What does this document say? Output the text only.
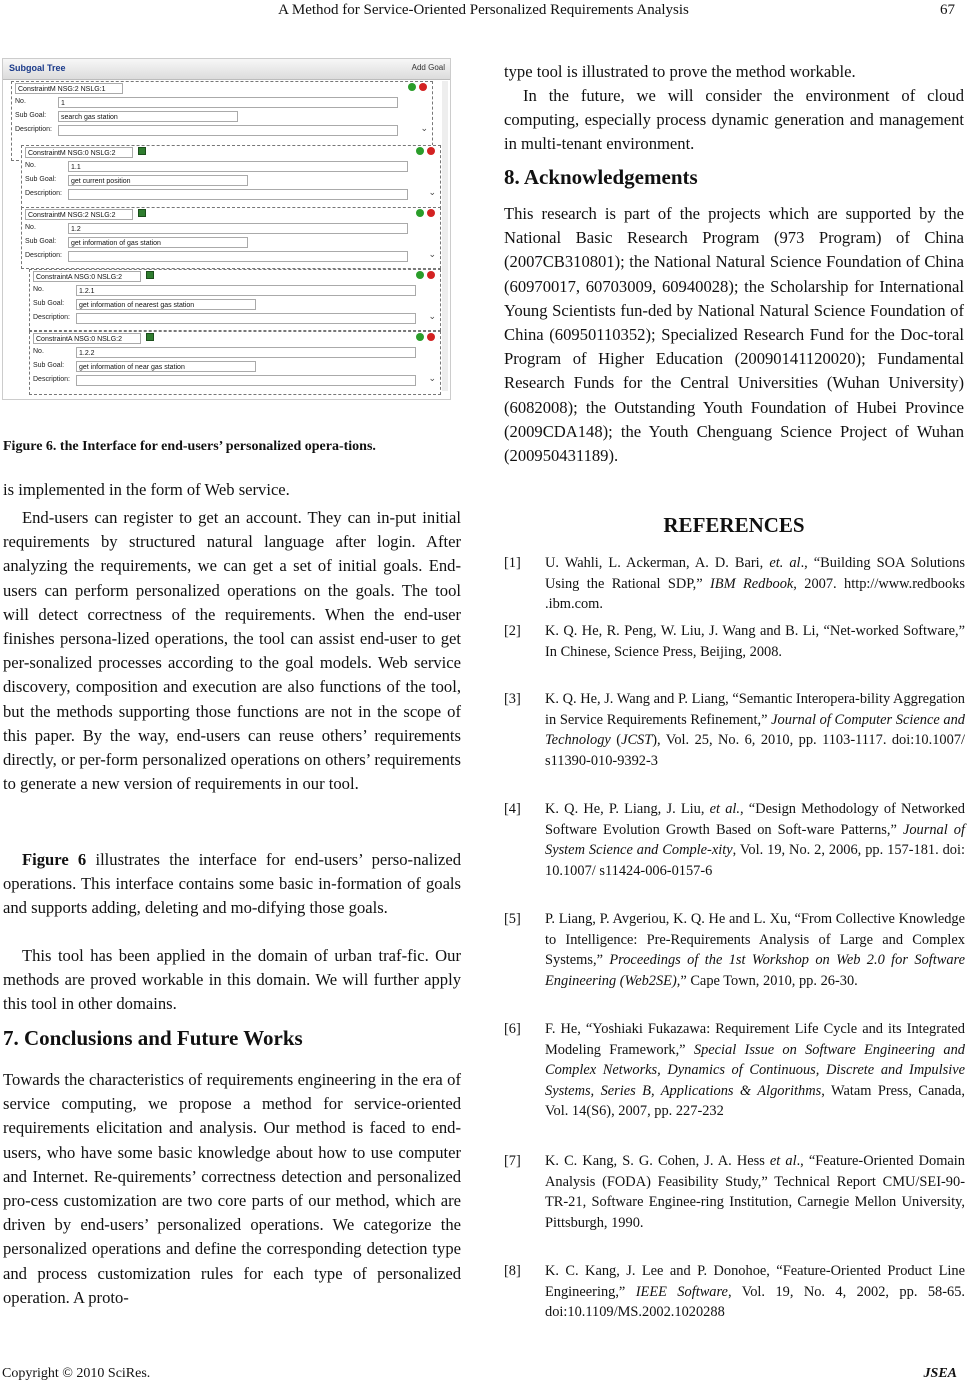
A Method for Service-Oriented Personalized Requirements Analysis	67
Subgoal Tree	Add Goal
ConstraintM NSG:2 NSLG:1
No.	1
Sub Goal:	search gas station
Description:	⌄
ConstraintM NSG:0 NSLG:2
No.	1.1
Sub Goal:	get current position
Description:	⌄
ConstraintM NSG:2 NSLG:2
No.	1.2
Sub Goal:	get information of gas station
Description:	⌄
ConstraintA NSG:0 NSLG:2
No.	1.2.1
Sub Goal:	get information of nearest gas station
Description:	⌄
ConstraintA NSG:0 NSLG:2
No.	1.2.2
Sub Goal:	get information of near gas station
Description:	⌄
Figure 6. the Interface for end-users’ personalized opera-tions.

is implemented in the form of Web service.

End-users can register to get an account. They can in-put initial requirements by structured natural language after login. After analyzing the requirements, we can get a set of initial goals. End-users can perform personalized operations on the goals. The tool will detect correctness of the requirements. When the end-user finishes persona-lized operations, the tool can assist end-user to get per-sonalized processes according to the goal models. Web service discovery, composition and execution are also functions of the tool, but the methods supporting those functions are not in the scope of this paper. By the way, end-users can reuse others’ requirements directly, or per-form personalized operations on others’ requirements to generate a new version of requirements in our tool.

Figure 6 illustrates the interface for end-users’ perso-nalized operations. This interface contains some basic in-formation of goals and supports adding, deleting and mo-difying those goals.

This tool has been applied in the domain of urban traf-fic. Our methods are proved workable in this domain. We will further apply this tool in other domains.

7. Conclusions and Future Works

Towards the characteristics of requirements engineering in the era of service computing, we propose a method for service-oriented requirements elicitation and analysis. Our method is faced to end-users, who have some basic knowledge about how to use computer and Internet. Re-quirements’ correctness detection and personalized pro-cess customization are two core parts of our method, which are driven by end-users’ personalized operations. We categorize the personalized operations and define the corresponding detection type and process customization rules for each type of personalized operation. A proto-

type tool is illustrated to prove the method workable.

In the future, we will consider the environment of cloud computing, especially process dynamic generation and management in multi-tenant environment.

8. Acknowledgements

This research is part of the projects which are supported by the National Basic Research Program (973 Program) of China (2007CB310801); the National Natural Science Foundation of China (60970017, 60703009, 60940028); the Scholarship for International Young Scientists fun-ded by National Natural Science Foundation of China (60950110352); Specialized Research Fund for the Doc-toral Program of Higher Education (20090141120020); Fundamental Research Funds for the Central Universities (Wuhan University) (6082008); the Outstanding Youth Foundation of Hubei Province (2009CDA148); the Youth Chenguang Science Project of Wuhan (200950431189).

REFERENCES
[1] U. Wahli, L. Ackerman, A. D. Bari, et. al., “Building SOA Solutions Using the Rational SDP,” IBM Redbook, 2007. http://www.redbooks .ibm.com.
[2] K. Q. He, R. Peng, W. Liu, J. Wang and B. Li, “Net-worked Software,” In Chinese, Science Press, Beijing, 2008.
[3] K. Q. He, J. Wang and P. Liang, “Semantic Interopera-bility Aggregation in Service Requirements Refinement,” Journal of Computer Science and Technology (JCST), Vol. 25, No. 6, 2010, pp. 1103-1117. doi:10.1007/ s11390-010-9392-3
[4] K. Q. He, P. Liang, J. Liu, et al., “Design Methodology of Networked Software Evolution Growth Based on Soft-ware Patterns,” Journal of System Science and Comple-xity, Vol. 19, No. 2, 2006, pp. 157-181. doi: 10.1007/ s11424-006-0157-6
[5] P. Liang, P. Avgeriou, K. Q. He and L. Xu, “From Collective Knowledge to Intelligence: Pre-Requirements Analysis of Large and Complex Systems,” Proceedings of the 1st Workshop on Web 2.0 for Software Engineering (Web2SE),” Cape Town, 2010, pp. 26-30.
[6] F. He, “Yoshiaki Fukazawa: Requirement Life Cycle and its Integrated Modeling Framework,” Special Issue on Software Engineering and Complex Networks, Dynamics of Continuous, Discrete and Impulsive Systems, Series B, Applications & Algorithms, Watam Press, Canada, Vol. 14(S6), 2007, pp. 227-232
[7] K. C. Kang, S. G. Cohen, J. A. Hess et al., “Feature-Oriented Domain Analysis (FODA) Feasibility Study,” Technical Report CMU/SEI-90-TR-21, Software Enginee-ring Institution, Carnegie Mellon University, Pittsburgh, 1990.
[8] K. C. Kang, J. Lee and P. Donohoe, “Feature-Oriented Product Line Engineering,” IEEE Software, Vol. 19, No. 4, 2002, pp. 58-65. doi:10.1109/MS.2002.1020288
Copyright © 2010 SciRes.	JSEA
